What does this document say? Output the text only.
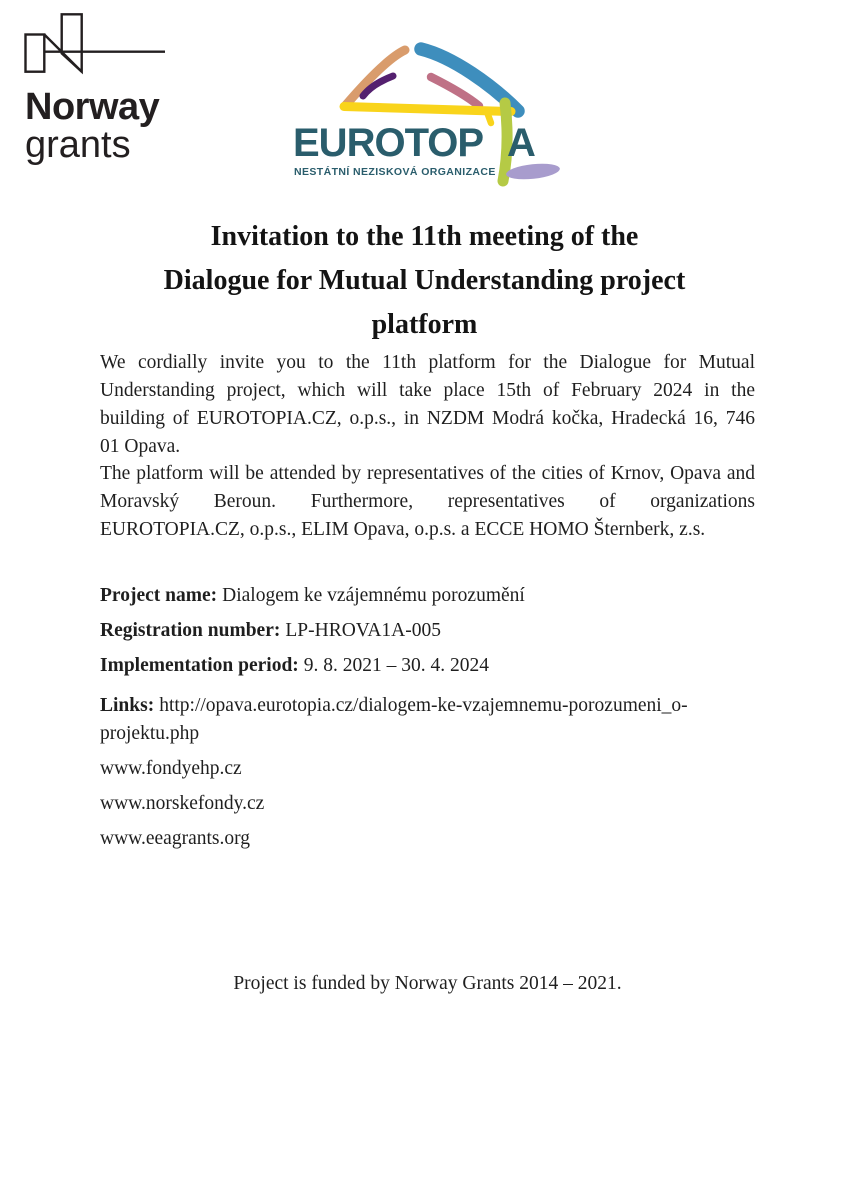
Norway
grants	EUROTOP A
NESTÁTNÍ NEZISKOVÁ ORGANIZACE
Invitation to the 11th meeting of the
Dialogue for Mutual Understanding project
platform
We cordially invite you to the 11th platform for the Dialogue for Mutual
Understanding project, which will take place 15th of February 2024 in the
building of EUROTOPIA.CZ, o.p.s., in NZDM Modrá kočka, Hradecká 16, 746
01 Opava.
The platform will be attended by representatives of the cities of Krnov, Opava and
Moravský Beroun. Furthermore, representatives of organizations
EUROTOPIA.CZ, o.p.s., ELIM Opava, o.p.s. a ECCE HOMO Šternberk, z.s.

Project name: Dialogem ke vzájemnému porozumění

Registration number: LP-HROVA1A-005

Implementation period: 9. 8. 2021 – 30. 4. 2024

Links: http://opava.eurotopia.cz/dialogem-ke-vzajemnemu-porozumeni_o-
projektu.php

www.fondyehp.cz

www.norskefondy.cz

www.eeagrants.org

Project is funded by Norway Grants 2014 – 2021.
